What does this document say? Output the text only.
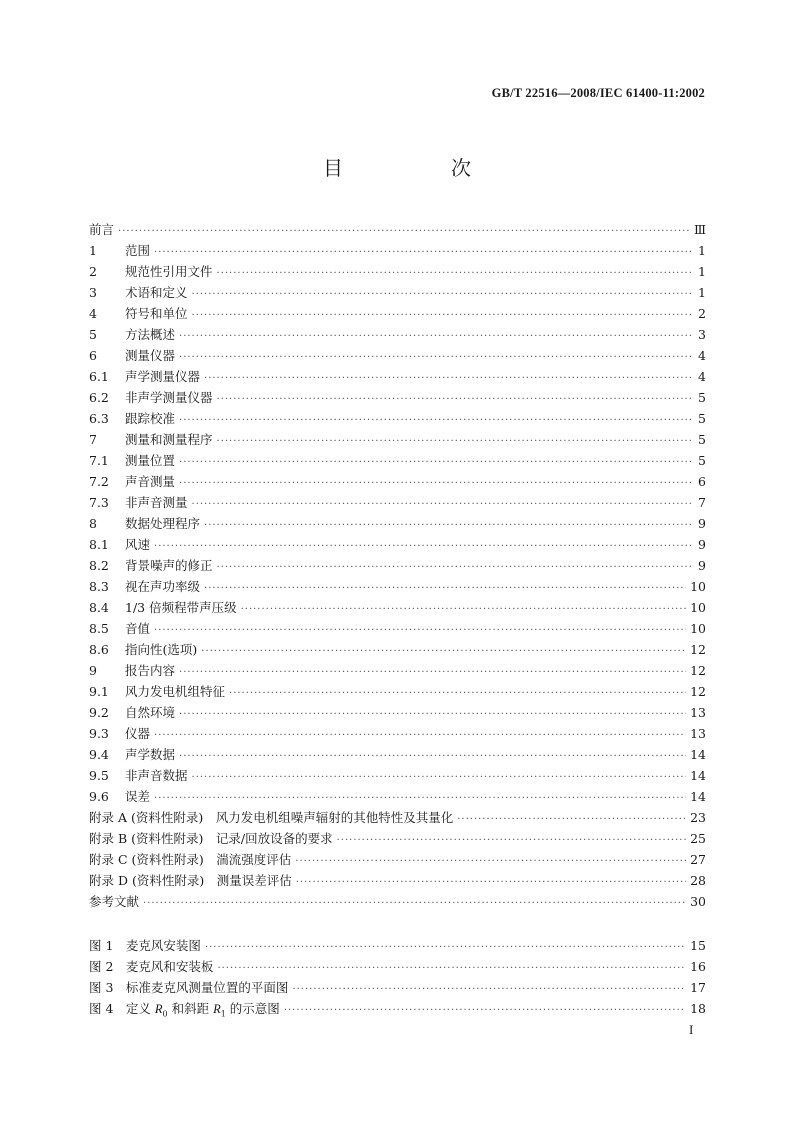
GB/T 22516—2008/IEC 61400-11:2002
目　次
前言 ·····	Ⅲ
1	范围 ·····	1
2	规范性引用文件 ·····	1
3	术语和定义 ·····	1
4	符号和单位 ·····	2
5	方法概述 ·····	3
6	测量仪器 ·····	4
6.1	声学测量仪器 ·····	4
6.2	非声学测量仪器 ·····	5
6.3	跟踪校准 ·····	5
7	测量和测量程序 ·····	5
7.1	测量位置 ·····	5
7.2	声音测量 ·····	6
7.3	非声音测量 ·····	7
8	数据处理程序 ·····	9
8.1	风速 ·····	9
8.2	背景噪声的修正 ·····	9
8.3	视在声功率级 ·····	10
8.4	1/3 倍频程带声压级 ·····	10
8.5	音值 ·····	10
8.6	指向性(选项) ·····	12
9	报告内容 ·····	12
9.1	风力发电机组特征 ·····	12
9.2	自然环境 ·····	13
9.3	仪器 ·····	13
9.4	声学数据 ·····	14
9.5	非声音数据 ·····	14
9.6	误差 ·····	14
附录 A (资料性附录)　风力发电机组噪声辐射的其他特性及其量化 ·····	23
附录 B (资料性附录)　记录/回放设备的要求 ·····	25
附录 C (资料性附录)　湍流强度评估 ·····	27
附录 D (资料性附录)　测量误差评估 ·····	28
参考文献 ·····	30
图 1　麦克风安装图 ·····	15
图 2　麦克风和安装板 ·····	16
图 3　标准麦克风测量位置的平面图 ·····	17
图 4　定义 $R_0$ 和斜距 $R_1$ 的示意图 ·····	18
I
